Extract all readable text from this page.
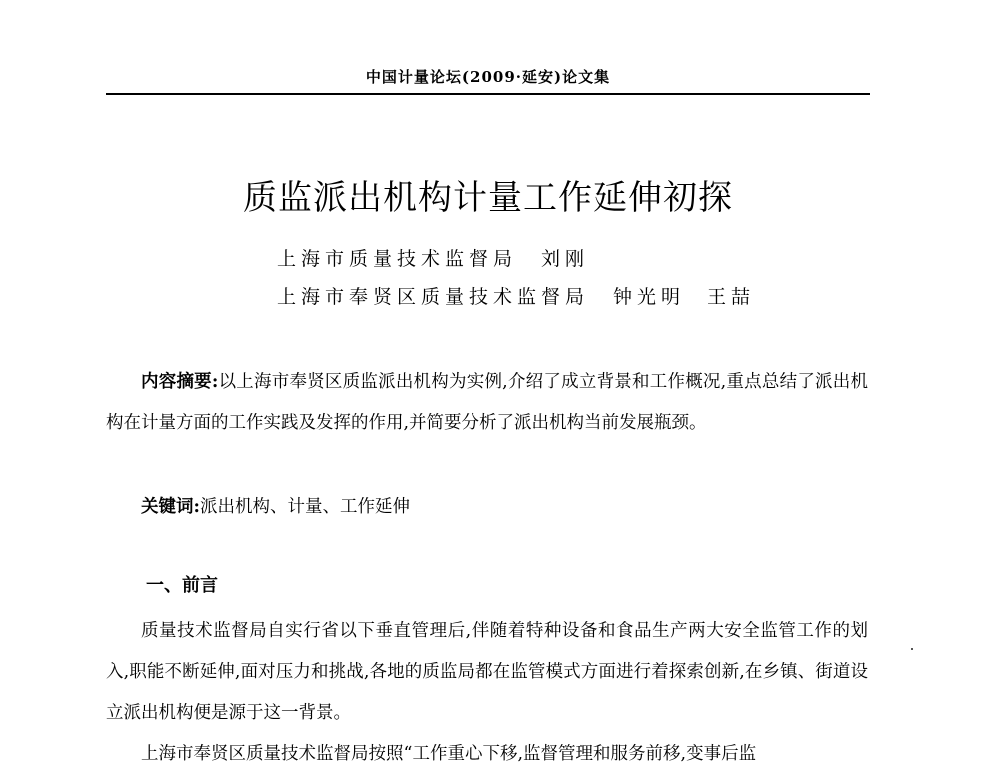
中国计量论坛(2009·延安)论文集
质监派出机构计量工作延伸初探
上海市质量技术监督局 刘刚
上海市奉贤区质量技术监督局 钟光明 王喆

内容摘要:以上海市奉贤区质监派出机构为实例,介绍了成立背景和工作概况,重点总结了派出机构在计量方面的工作实践及发挥的作用,并简要分析了派出机构当前发展瓶颈。

关键词:派出机构、计量、工作延伸

一、前言

质量技术监督局自实行省以下垂直管理后,伴随着特种设备和食品生产两大安全监管工作的划入,职能不断延伸,面对压力和挑战,各地的质监局都在监管模式方面进行着探索创新,在乡镇、街道设立派出机构便是源于这一背景。

上海市奉贤区质量技术监督局按照“工作重心下移,监督管理和服务前移,变事后监
